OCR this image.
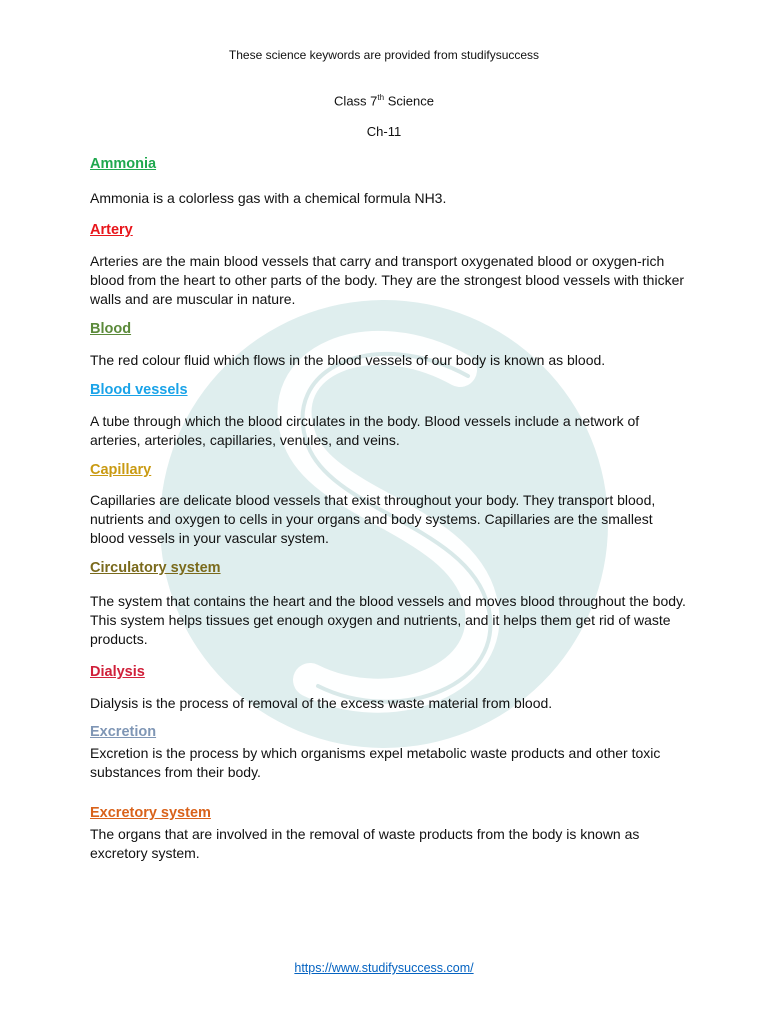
These science keywords are provided from studifysuccess
Class 7th Science
Ch-11
Ammonia
Ammonia is a colorless gas with a chemical formula NH3.
Artery
Arteries are the main blood vessels that carry and transport oxygenated blood or oxygen-rich blood from the heart to other parts of the body. They are the strongest blood vessels with thicker walls and are muscular in nature.
Blood
The red colour fluid which flows in the blood vessels of our body is known as blood.
Blood vessels
A tube through which the blood circulates in the body. Blood vessels include a network of arteries, arterioles, capillaries, venules, and veins.
Capillary
Capillaries are delicate blood vessels that exist throughout your body. They transport blood, nutrients and oxygen to cells in your organs and body systems. Capillaries are the smallest blood vessels in your vascular system.
Circulatory system
The system that contains the heart and the blood vessels and moves blood throughout the body. This system helps tissues get enough oxygen and nutrients, and it helps them get rid of waste products.
Dialysis
Dialysis is the process of removal of the excess waste material from blood.
Excretion
Excretion is the process by which organisms expel metabolic waste products and other toxic substances from their body.
Excretory system
The organs that are involved in the removal of waste products from the body is known as excretory system.
https://www.studifysuccess.com/
